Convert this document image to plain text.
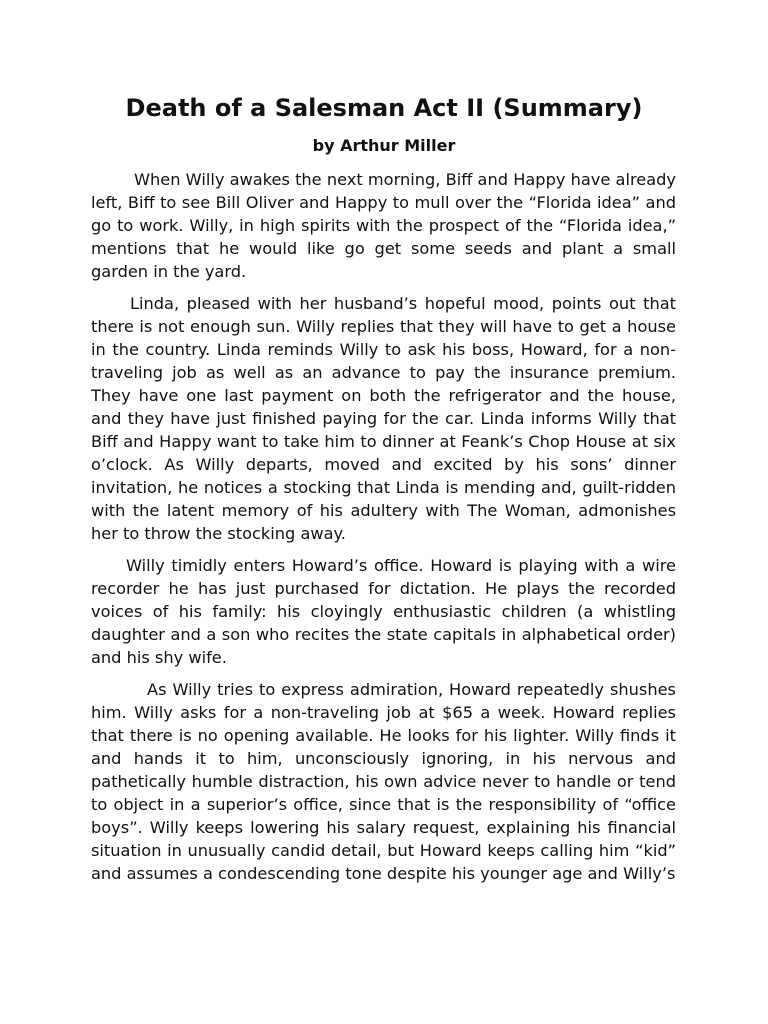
Death of a Salesman Act II (Summary)
by Arthur Miller

When Willy awakes the next morning, Biff and Happy have already left, Biff to see Bill Oliver and Happy to mull over the “Florida idea” and go to work. Willy, in high spirits with the prospect of the “Florida idea,” mentions that he would like go get some seeds and plant a small garden in the yard.

Linda, pleased with her husband’s hopeful mood, points out that there is not enough sun. Willy replies that they will have to get a house in the country. Linda reminds Willy to ask his boss, Howard, for a non-traveling job as well as an advance to pay the insurance premium. They have one last payment on both the refrigerator and the house, and they have just finished paying for the car. Linda informs Willy that Biff and Happy want to take him to dinner at Feank’s Chop House at six o’clock. As Willy departs, moved and excited by his sons’ dinner invitation, he notices a stocking that Linda is mending and, guilt-ridden with the latent memory of his adultery with The Woman, admonishes her to throw the stocking away.

Willy timidly enters Howard’s office. Howard is playing with a wire recorder he has just purchased for dictation. He plays the recorded voices of his family: his cloyingly enthusiastic children (a whistling daughter and a son who recites the state capitals in alphabetical order) and his shy wife.

As Willy tries to express admiration, Howard repeatedly shushes him. Willy asks for a non-traveling job at $65 a week. Howard replies that there is no opening available. He looks for his lighter. Willy finds it and hands it to him, unconsciously ignoring, in his nervous and pathetically humble distraction, his own advice never to handle or tend to object in a superior’s office, since that is the responsibility of “office boys”. Willy keeps lowering his salary request, explaining his financial situation in unusually candid detail, but Howard keeps calling him “kid” and assumes a condescending tone despite his younger age and Willy’s
